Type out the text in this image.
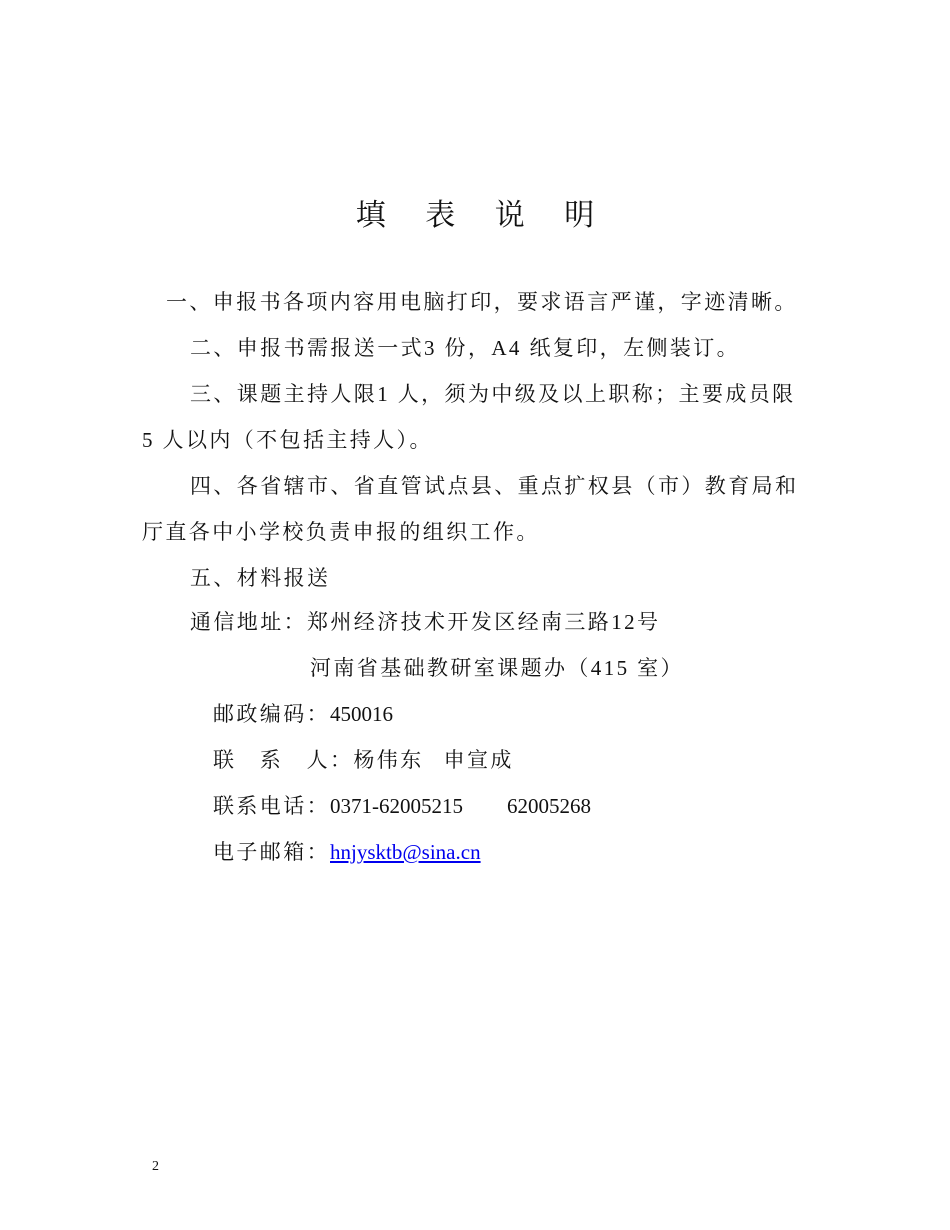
填 表 说 明
一、申报书各项内容用电脑打印，要求语言严谨，字迹清晰。
二、申报书需报送一式3 份，A4 纸复印，左侧装订。
三、课题主持人限1 人，须为中级及以上职称；主要成员限
5 人以内（不包括主持人）。
四、各省辖市、省直管试点县、重点扩权县（市）教育局和
厅直各中小学校负责申报的组织工作。
五、材料报送
通信地址：郑州经济技术开发区经南三路12号
河南省基础教研室课题办（415 室）
邮政编码：450016
联　系　人：杨伟东 申宣成
联系电话：0371-62005215 62005268
电子邮箱：hnjysktb@sina.cn
2
